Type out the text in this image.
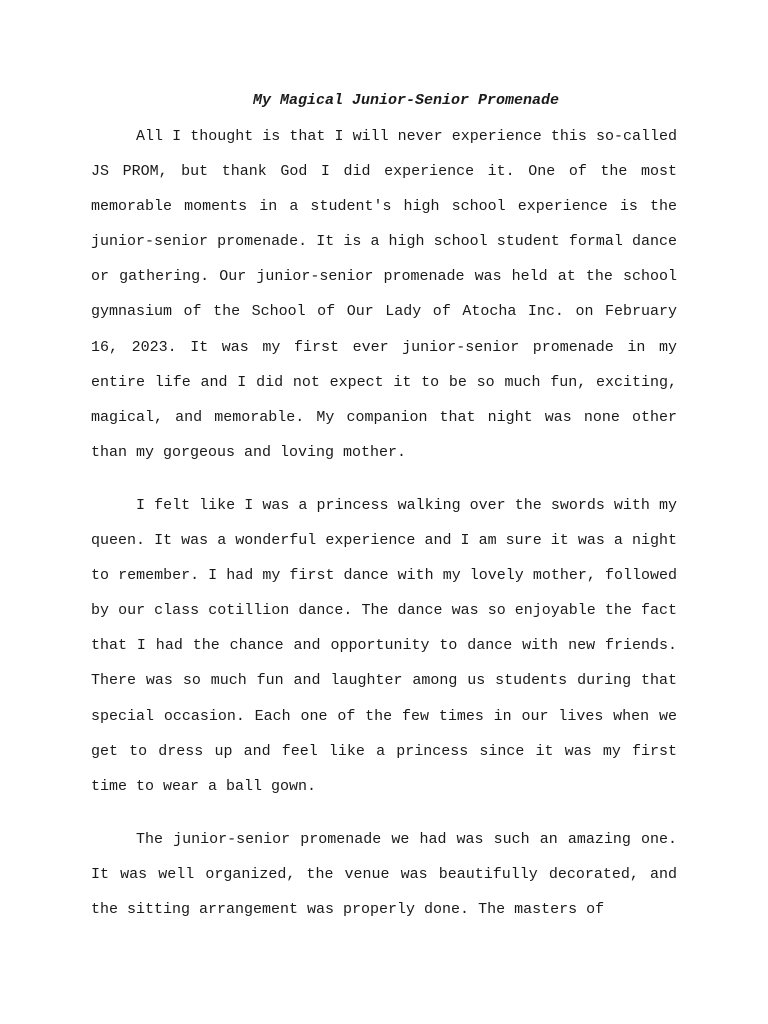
My Magical Junior-Senior Promenade

All I thought is that I will never experience this so-called JS PROM, but thank God I did experience it. One of the most memorable moments in a student's high school experience is the junior-senior promenade. It is a high school student formal dance or gathering. Our junior-senior promenade was held at the school gymnasium of the School of Our Lady of Atocha Inc. on February 16, 2023. It was my first ever junior-senior promenade in my entire life and I did not expect it to be so much fun, exciting, magical, and memorable. My companion that night was none other than my gorgeous and loving mother.

I felt like I was a princess walking over the swords with my queen. It was a wonderful experience and I am sure it was a night to remember. I had my first dance with my lovely mother, followed by our class cotillion dance. The dance was so enjoyable the fact that I had the chance and opportunity to dance with new friends. There was so much fun and laughter among us students during that special occasion. Each one of the few times in our lives when we get to dress up and feel like a princess since it was my first time to wear a ball gown.

The junior-senior promenade we had was such an amazing one. It was well organized, the venue was beautifully decorated, and the sitting arrangement was properly done. The masters of
